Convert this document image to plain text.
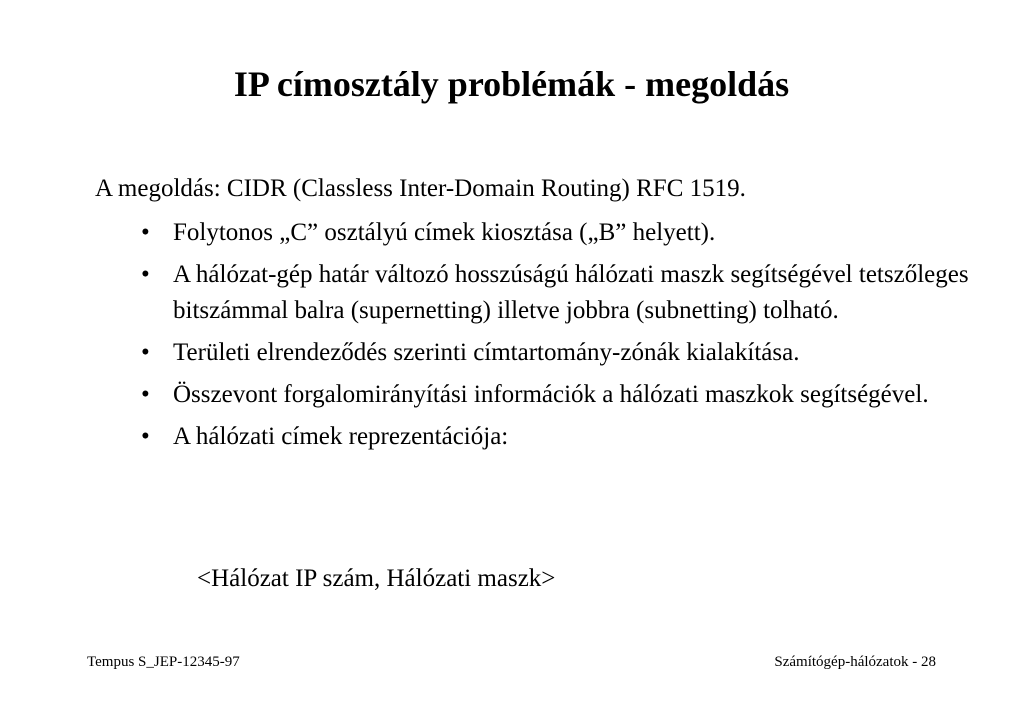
IP címosztály problémák - megoldás
A megoldás: CIDR (Classless Inter-Domain Routing) RFC 1519.
• Folytonos „C” osztályú címek kiosztása („B” helyett).
• A hálózat-gép határ változó hosszúságú hálózati maszk segítségével tetszőleges bitszámmal balra (supernetting) illetve jobbra (subnetting) tolható.
• Területi elrendeződés szerinti címtartomány-zónák kialakítása.
• Összevont forgalomirányítási információk a hálózati maszkok segítségével.
• A hálózati címek reprezentációja:
<Hálózat IP szám, Hálózati maszk>
Tempus S_JEP-12345-97	Számítógép-hálózatok - 28
